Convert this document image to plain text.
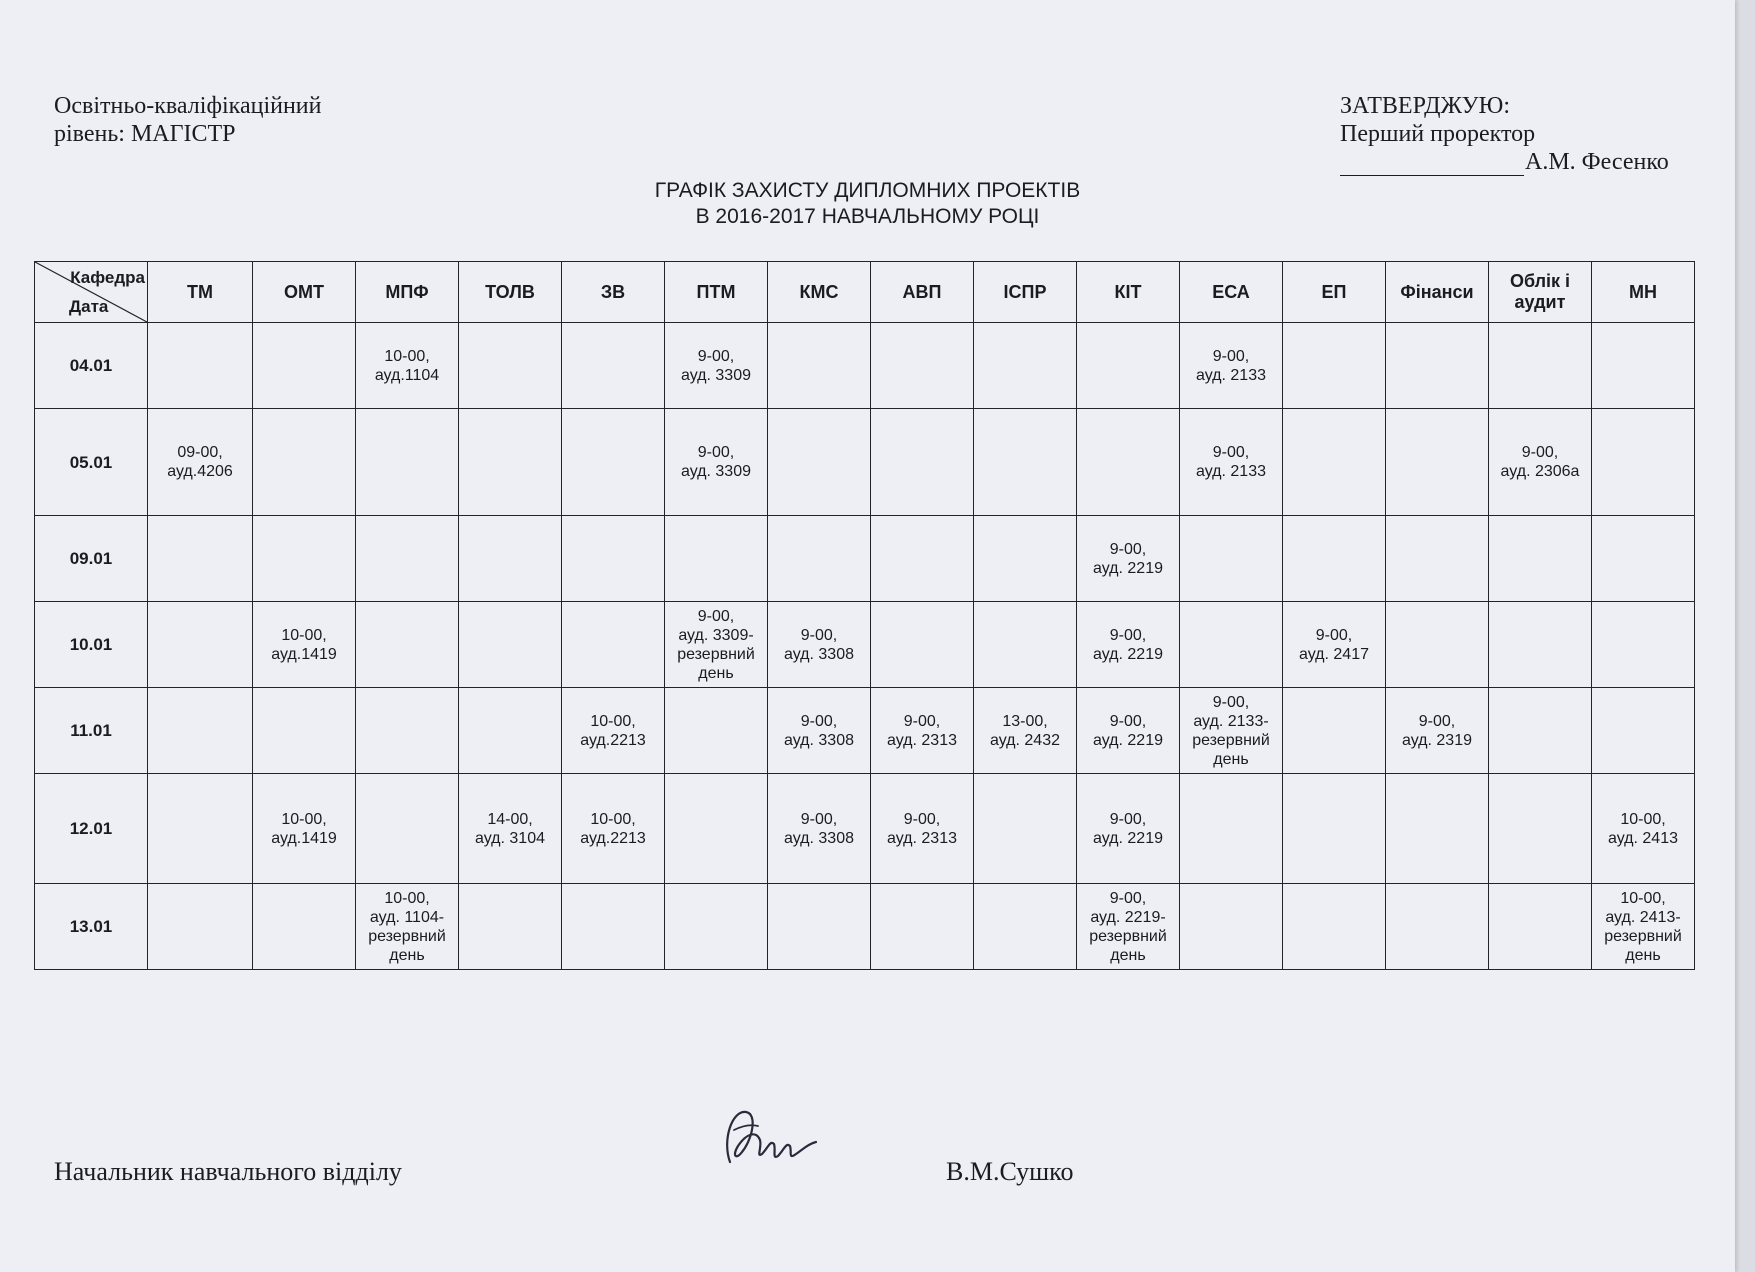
Освітньо-кваліфікаційний
рівень: МАГІСТР
ЗАТВЕРДЖУЮ:
Перший проректор
А.М. Фесенко
ГРАФІК ЗАХИСТУ ДИПЛОМНИХ ПРОЕКТІВ
В 2016-2017 НАВЧАЛЬНОМУ РОЦІ
Кафедра
Дата	ТМ	ОМТ	МПФ	ТОЛВ	ЗВ	ПТМ	КМС	АВП	ІСПР	КІТ	ЕСА	ЕП	Фінанси	Облік і аудит	МН
04.01			10-00,
ауд.1104			9-00,
ауд. 3309					9-00,
ауд. 2133				
05.01	09-00,
ауд.4206					9-00,
ауд. 3309					9-00,
ауд. 2133			9-00,
ауд. 2306а	
09.01										9-00,
ауд. 2219					
10.01		10-00,
ауд.1419				9-00,
ауд. 3309-
резервний
день	9-00,
ауд. 3308			9-00,
ауд. 2219		9-00,
ауд. 2417			
11.01					10-00,
ауд.2213		9-00,
ауд. 3308	9-00,
ауд. 2313	13-00,
ауд. 2432	9-00,
ауд. 2219	9-00,
ауд. 2133-
резервний
день		9-00,
ауд. 2319		
12.01		10-00,
ауд.1419		14-00,
ауд. 3104	10-00,
ауд.2213		9-00,
ауд. 3308	9-00,
ауд. 2313		9-00,
ауд. 2219					10-00,
ауд. 2413
13.01			10-00,
ауд. 1104-
резервний
день							9-00,
ауд. 2219-
резервний
день					10-00,
ауд. 2413-
резервний
день
Начальник навчального відділу	В.М.Сушко
